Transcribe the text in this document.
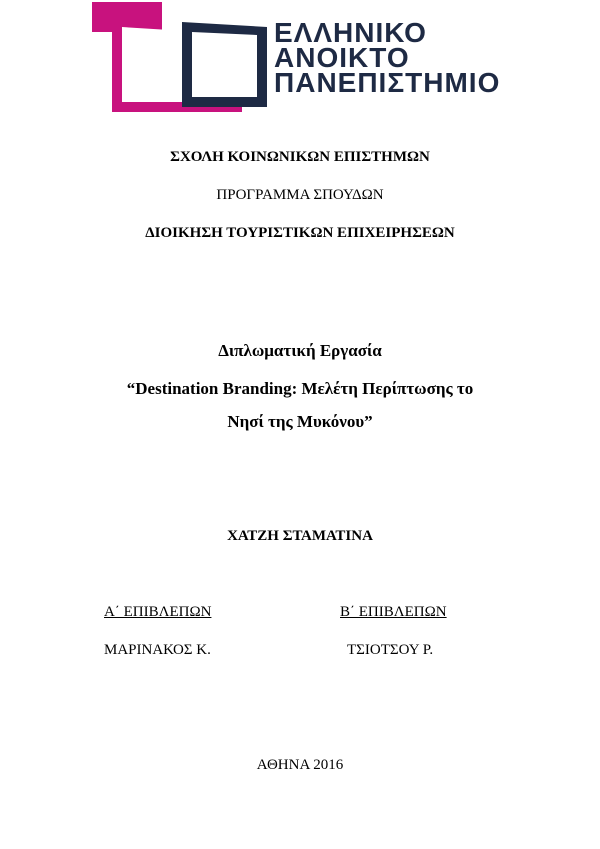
ΕΛΛΗΝΙΚΟ
ΑΝΟΙΚΤΟ
ΠΑΝΕΠΙΣΤΗΜΙΟ
ΣΧΟΛΗ ΚΟΙΝΩΝΙΚΩΝ ΕΠΙΣΤΗΜΩΝ
ΠΡΟΓΡΑΜΜΑ ΣΠΟΥΔΩΝ
ΔΙΟΙΚΗΣΗ ΤΟΥΡΙΣΤΙΚΩΝ ΕΠΙΧΕΙΡΗΣΕΩΝ
Διπλωματική Εργασία
“Destination Branding: Μελέτη Περίπτωσης το
Νησί της Μυκόνου”
ΧΑΤΖΗ ΣΤΑΜΑΤΙΝΑ
Α΄ ΕΠΙΒΛΕΠΩΝ
ΜΑΡΙΝΑΚΟΣ Κ.
Β΄ ΕΠΙΒΛΕΠΩΝ
ΤΣΙΟΤΣΟΥ Ρ.
ΑΘΗΝΑ 2016
